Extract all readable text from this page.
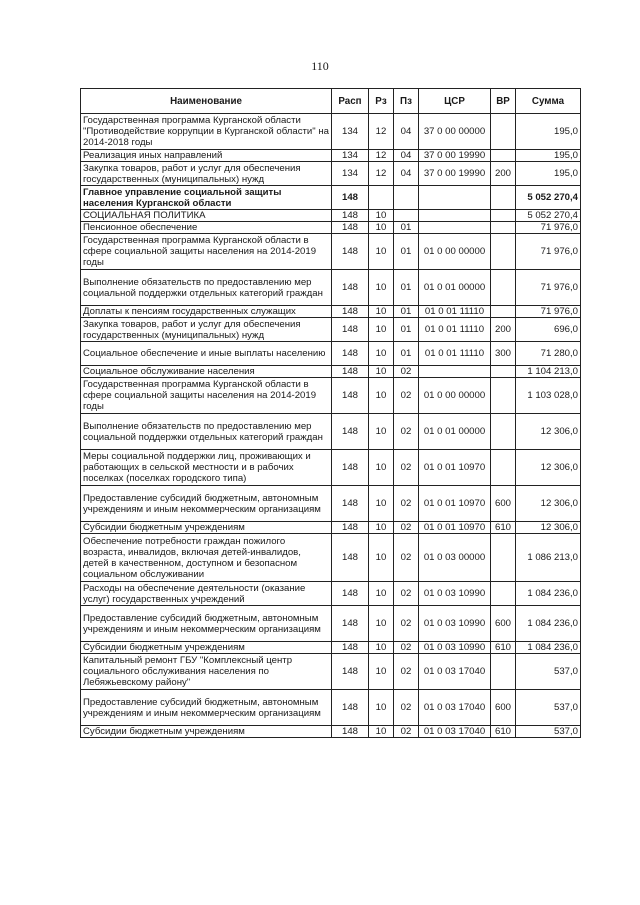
110
Наименование	Расп	Рз	Пз	ЦСР	ВР	Сумма
Государственная программа Курганской области "Противодействие коррупции в Курганской области" на 2014-2018 годы	134	12	04	37 0 00 00000		195,0
Реализация иных направлений	134	12	04	37 0 00 19990		195,0
Закупка товаров, работ и услуг для обеспечения государственных (муниципальных) нужд	134	12	04	37 0 00 19990	200	195,0
Главное управление социальной защиты населения Курганской области	148					5 052 270,4
СОЦИАЛЬНАЯ ПОЛИТИКА	148	10				5 052 270,4
Пенсионное обеспечение	148	10	01			71 976,0
Государственная программа Курганской области в сфере социальной защиты населения на 2014-2019 годы	148	10	01	01 0 00 00000		71 976,0
Выполнение обязательств по предоставлению мер социальной поддержки отдельных категорий граждан	148	10	01	01 0 01 00000		71 976,0
Доплаты к пенсиям государственных служащих	148	10	01	01 0 01 11110		71 976,0
Закупка товаров, работ и услуг для обеспечения государственных (муниципальных) нужд	148	10	01	01 0 01 11110	200	696,0
Социальное обеспечение и иные выплаты населению	148	10	01	01 0 01 11110	300	71 280,0
Социальное обслуживание населения	148	10	02			1 104 213,0
Государственная программа Курганской области в сфере социальной защиты населения на 2014-2019 годы	148	10	02	01 0 00 00000		1 103 028,0
Выполнение обязательств по предоставлению мер социальной поддержки отдельных категорий граждан	148	10	02	01 0 01 00000		12 306,0
Меры социальной поддержки лиц, проживающих и работающих в сельской местности и в рабочих поселках (поселках городского типа)	148	10	02	01 0 01 10970		12 306,0
Предоставление субсидий бюджетным, автономным учреждениям и иным некоммерческим организациям	148	10	02	01 0 01 10970	600	12 306,0
Субсидии бюджетным учреждениям	148	10	02	01 0 01 10970	610	12 306,0
Обеспечение потребности граждан пожилого возраста, инвалидов, включая детей-инвалидов, детей в качественном, доступном и безопасном социальном обслуживании	148	10	02	01 0 03 00000		1 086 213,0
Расходы на обеспечение деятельности (оказание услуг) государственных учреждений	148	10	02	01 0 03 10990		1 084 236,0
Предоставление субсидий бюджетным, автономным учреждениям и иным некоммерческим организациям	148	10	02	01 0 03 10990	600	1 084 236,0
Субсидии бюджетным учреждениям	148	10	02	01 0 03 10990	610	1 084 236,0
Капитальный ремонт ГБУ "Комплексный центр социального обслуживания населения по Лебяжьевскому району"	148	10	02	01 0 03 17040		537,0
Предоставление субсидий бюджетным, автономным учреждениям и иным некоммерческим организациям	148	10	02	01 0 03 17040	600	537,0
Субсидии бюджетным учреждениям	148	10	02	01 0 03 17040	610	537,0
